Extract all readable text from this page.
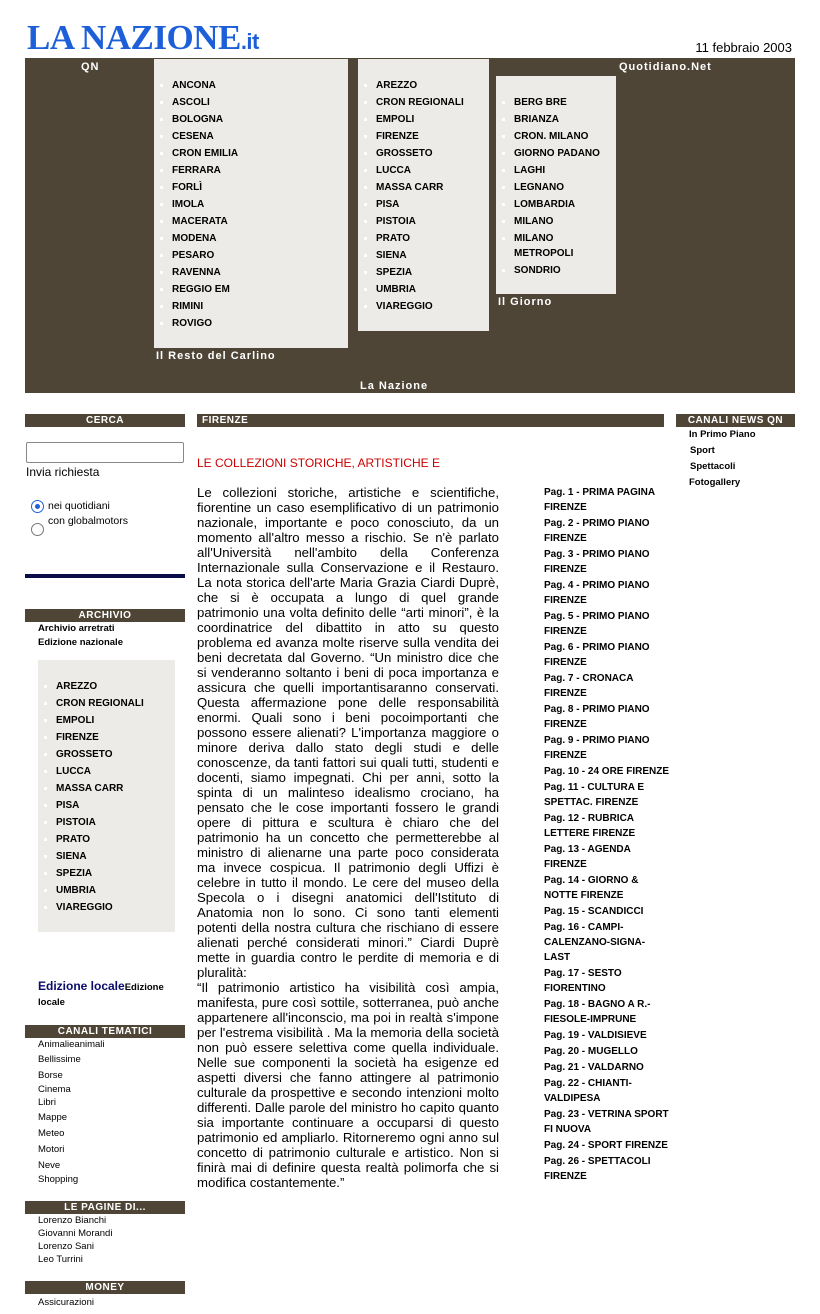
LA NAZIONE.it	11 febbraio 2003
QN	Quotidiano.Net
ANCONA
ASCOLI
BOLOGNA
CESENA
CRON EMILIA
FERRARA
FORLÌ
IMOLA
MACERATA
MODENA
PESARO
RAVENNA
REGGIO EM
RIMINI
ROVIGO
Il Resto del Carlino
AREZZO
CRON REGIONALI
EMPOLI
FIRENZE
GROSSETO
LUCCA
MASSA CARR
PISA
PISTOIA
PRATO
SIENA
SPEZIA
UMBRIA
VIAREGGIO
La Nazione
BERG BRE
BRIANZA
CRON. MILANO
GIORNO PADANO
LAGHI
LEGNANO
LOMBARDIA
MILANO
MILANO METROPOLI
SONDRIO
Il Giorno
CERCA
Invia richiesta
nei quotidiani
con globalmotors
ARCHIVIO
Archivio arretrati
Edizione nazionale
AREZZO
CRON REGIONALI
EMPOLI
FIRENZE
GROSSETO
LUCCA
MASSA CARR
PISA
PISTOIA
PRATO
SIENA
SPEZIA
UMBRIA
VIAREGGIO
Edizione localeEdizione locale
CANALI TEMATICI
Animalieanimali
Bellissime
Borse
Cinema
Libri
Mappe
Meteo
Motori
Neve
Shopping
LE PAGINE DI...
Lorenzo Bianchi
Giovanni Morandi
Lorenzo Sani
Leo Turrini
MONEY
Assicurazioni
FIRENZE
LE COLLEZIONI STORICHE, ARTISTICHE E

Le collezioni storiche, artistiche e scientifiche, fiorentine un caso esemplificativo di un patrimonio nazionale, importante e poco conosciuto, da un momento all'altro messo a rischio. Se n'è parlato all'Università nell'ambito della Conferenza Internazionale sulla Conservazione e il Restauro. La nota storica dell'arte Maria Grazia Ciardi Duprè, che si è occupata a lungo di quel grande patrimonio una volta definito delle “arti minori”, è la coordinatrice del dibattito in atto su questo problema ed avanza molte riserve sulla vendita dei beni decretata dal Governo. “Un ministro dice che si venderanno soltanto i beni di poca importanza e assicura che quelli importantisaranno conservati. Questa affermazione pone delle responsabilità enormi. Quali sono i beni pocoimportanti che possono essere alienati? L'importanza maggiore o minore deriva dallo stato degli studi e delle conoscenze, da tanti fattori sui quali tutti, studenti e docenti, siamo impegnati. Chi per anni, sotto la spinta di un malinteso idealismo crociano, ha pensato che le cose importanti fossero le grandi opere di pittura e scultura è chiaro che del patrimonio ha un concetto che permetterebbe al ministro di alienarne una parte poco considerata ma invece cospicua. Il patrimonio degli Uffizi è celebre in tutto il mondo. Le cere del museo della Specola o i disegni anatomici dell'Istituto di Anatomia non lo sono. Ci sono tanti elementi potenti della nostra cultura che rischiano di essere alienati perché considerati minori.” Ciardi Duprè mette in guardia contro le perdite di memoria e di pluralità:

“Il patrimonio artistico ha visibilità così ampia, manifesta, pure così sottile, sotterranea, può anche appartenere all'inconscio, ma poi in realtà s'impone per l'estrema visibilità . Ma la memoria della società non può essere selettiva come quella individuale. Nelle sue componenti la società ha esigenze ed aspetti diversi che fanno attingere al patrimonio culturale da prospettive e secondo intenzioni molto differenti. Dalle parole del ministro ho capito quanto sia importante continuare a occuparsi di questo patrimonio ed ampliarlo. Ritorneremo ogni anno sul concetto di patrimonio culturale e artistico. Non si finirà mai di definire questa realtà polimorfa che si modifica costantemente.”

Pag. 1 - PRIMA PAGINA FIRENZE
Pag. 2 - PRIMO PIANO FIRENZE
Pag. 3 - PRIMO PIANO FIRENZE
Pag. 4 - PRIMO PIANO FIRENZE
Pag. 5 - PRIMO PIANO FIRENZE
Pag. 6 - PRIMO PIANO FIRENZE
Pag. 7 - CRONACA FIRENZE
Pag. 8 - PRIMO PIANO FIRENZE
Pag. 9 - PRIMO PIANO FIRENZE
Pag. 10 - 24 ORE FIRENZE
Pag. 11 - CULTURA E SPETTAC. FIRENZE
Pag. 12 - RUBRICA LETTERE FIRENZE
Pag. 13 - AGENDA FIRENZE
Pag. 14 - GIORNO & NOTTE FIRENZE
Pag. 15 - SCANDICCI
Pag. 16 - CAMPI-CALENZANO-SIGNA-LAST
Pag. 17 - SESTO FIORENTINO
Pag. 18 - BAGNO A R.-FIESOLE-IMPRUNE
Pag. 19 - VALDISIEVE
Pag. 20 - MUGELLO
Pag. 21 - VALDARNO
Pag. 22 - CHIANTI-VALDIPESA
Pag. 23 - VETRINA SPORT FI NUOVA
Pag. 24 - SPORT FIRENZE
Pag. 26 - SPETTACOLI FIRENZE
CANALI NEWS QN
In Primo Piano
Sport
Spettacoli
Fotogallery
